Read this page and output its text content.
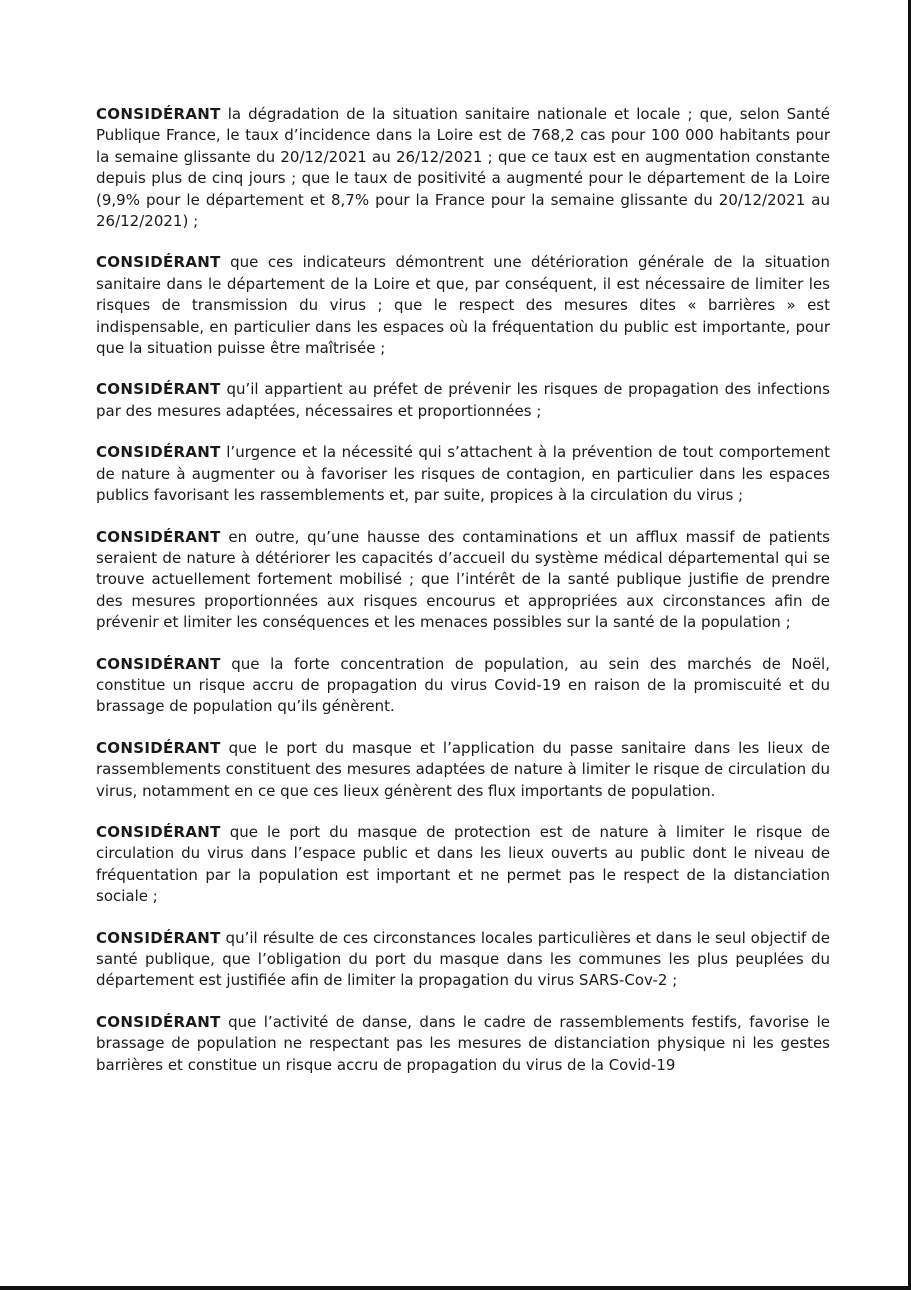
CONSIDÉRANT la dégradation de la situation sanitaire nationale et locale ; que, selon Santé Publique France, le taux d’incidence dans la Loire est de 768,2 cas pour 100 000 habitants pour la semaine glissante du 20/12/2021 au 26/12/2021 ; que ce taux est en augmentation constante depuis plus de cinq jours ; que le taux de positivité a augmenté pour le département de la Loire (9,9% pour le département et 8,7% pour la France pour la semaine glissante du 20/12/2021 au 26/12/2021) ;

CONSIDÉRANT que ces indicateurs démontrent une détérioration générale de la situation sanitaire dans le département de la Loire et que, par conséquent, il est nécessaire de limiter les risques de transmission du virus ; que le respect des mesures dites « barrières » est indispensable, en particulier dans les espaces où la fréquentation du public est importante, pour que la situation puisse être maîtrisée ;

CONSIDÉRANT qu’il appartient au préfet de prévenir les risques de propagation des infections par des mesures adaptées, nécessaires et proportionnées ;

CONSIDÉRANT l’urgence et la nécessité qui s’attachent à la prévention de tout comportement de nature à augmenter ou à favoriser les risques de contagion, en particulier dans les espaces publics favorisant les rassemblements et, par suite, propices à la circulation du virus ;

CONSIDÉRANT en outre, qu’une hausse des contaminations et un afflux massif de patients seraient de nature à détériorer les capacités d’accueil du système médical départemental qui se trouve actuellement fortement mobilisé ; que l’intérêt de la santé publique justifie de prendre des mesures proportionnées aux risques encourus et appropriées aux circonstances afin de prévenir et limiter les conséquences et les menaces possibles sur la santé de la population ;

CONSIDÉRANT que la forte concentration de population, au sein des marchés de Noël, constitue un risque accru de propagation du virus Covid-19 en raison de la promiscuité et du brassage de population qu’ils génèrent.

CONSIDÉRANT que le port du masque et l’application du passe sanitaire dans les lieux de rassemblements constituent des mesures adaptées de nature à limiter le risque de circulation du virus, notamment en ce que ces lieux génèrent des flux importants de population.

CONSIDÉRANT que le port du masque de protection est de nature à limiter le risque de circulation du virus dans l’espace public et dans les lieux ouverts au public dont le niveau de fréquentation par la population est important et ne permet pas le respect de la distanciation sociale ;

CONSIDÉRANT qu’il résulte de ces circonstances locales particulières et dans le seul objectif de santé publique, que l’obligation du port du masque dans les communes les plus peuplées du département est justifiée afin de limiter la propagation du virus SARS-Cov-2 ;

CONSIDÉRANT que l’activité de danse, dans le cadre de rassemblements festifs, favorise le brassage de population ne respectant pas les mesures de distanciation physique ni les gestes barrières et constitue un risque accru de propagation du virus de la Covid-19
